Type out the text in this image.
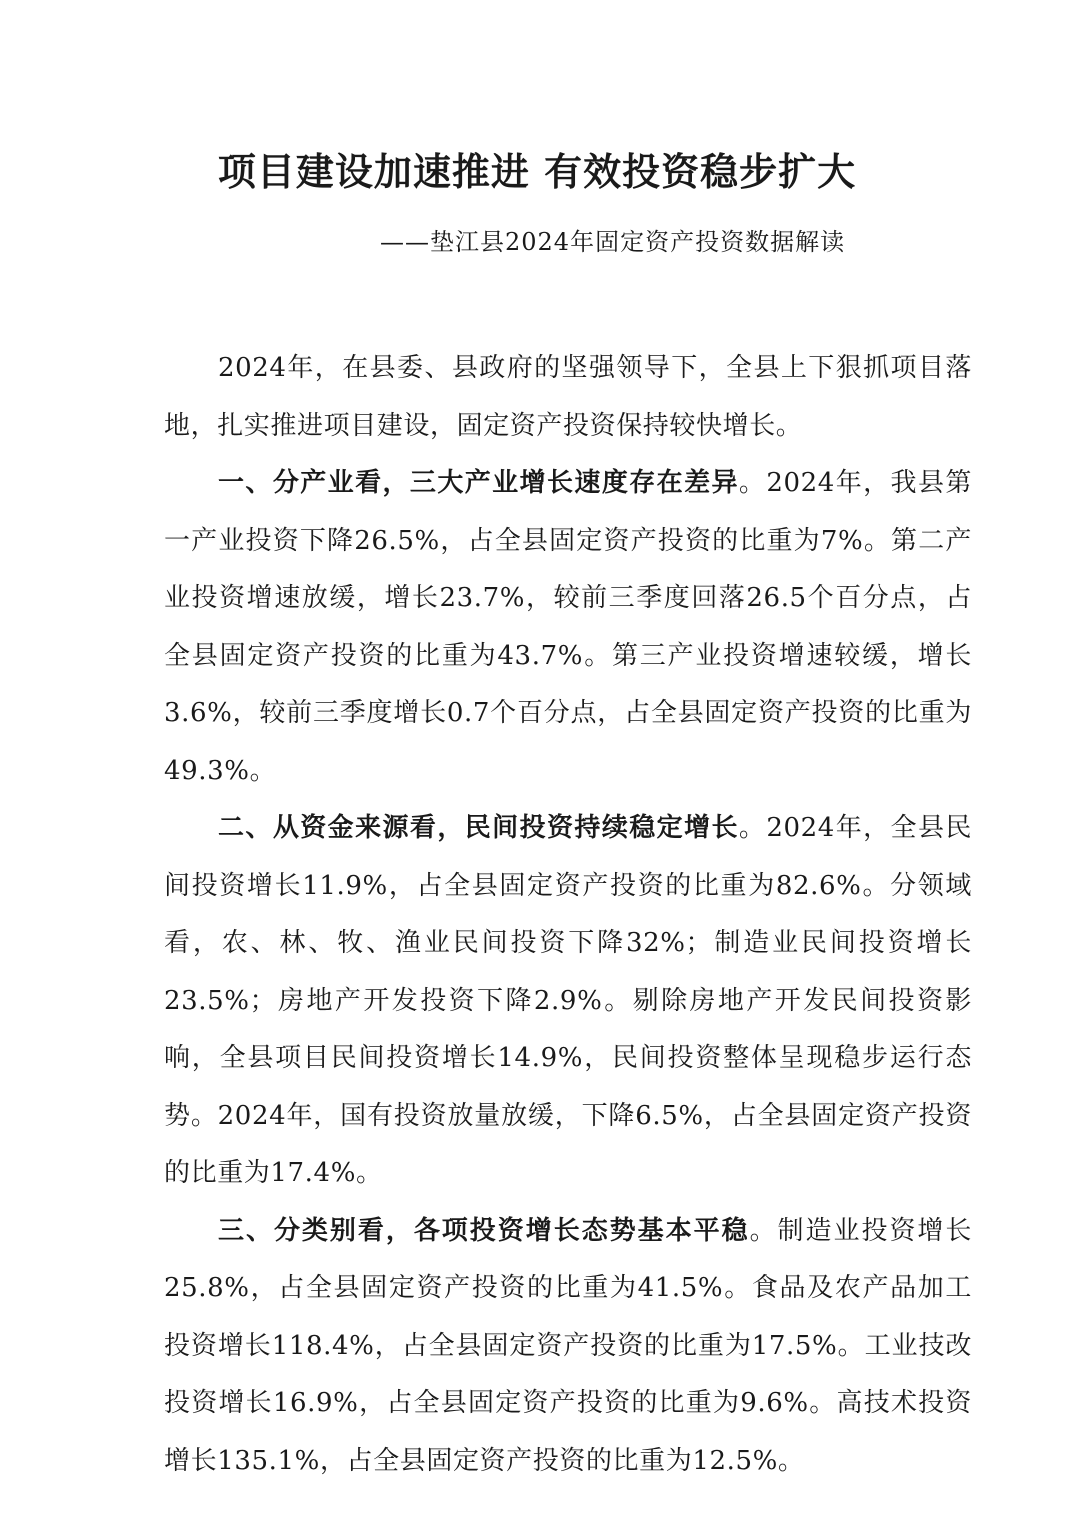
项目建设加速推进 有效投资稳步扩大
——垫江县2024年固定资产投资数据解读

2024年，在县委、县政府的坚强领导下，全县上下狠抓项目落地，扎实推进项目建设，固定资产投资保持较快增长。

一、分产业看，三大产业增长速度存在差异。2024年，我县第一产业投资下降26.5%，占全县固定资产投资的比重为7%。第二产业投资增速放缓，增长23.7%，较前三季度回落26.5个百分点，占全县固定资产投资的比重为43.7%。第三产业投资增速较缓，增长3.6%，较前三季度增长0.7个百分点，占全县固定资产投资的比重为49.3%。

二、从资金来源看，民间投资持续稳定增长。2024年，全县民间投资增长11.9%，占全县固定资产投资的比重为82.6%。分领域看，农、林、牧、渔业民间投资下降32%；制造业民间投资增长23.5%；房地产开发投资下降2.9%。剔除房地产开发民间投资影响，全县项目民间投资增长14.9%，民间投资整体呈现稳步运行态势。2024年，国有投资放量放缓，下降6.5%，占全县固定资产投资的比重为17.4%。

三、分类别看，各项投资增长态势基本平稳。制造业投资增长25.8%，占全县固定资产投资的比重为41.5%。食品及农产品加工投资增长118.4%，占全县固定资产投资的比重为17.5%。工业技改投资增长16.9%，占全县固定资产投资的比重为9.6%。高技术投资增长135.1%，占全县固定资产投资的比重为12.5%。
